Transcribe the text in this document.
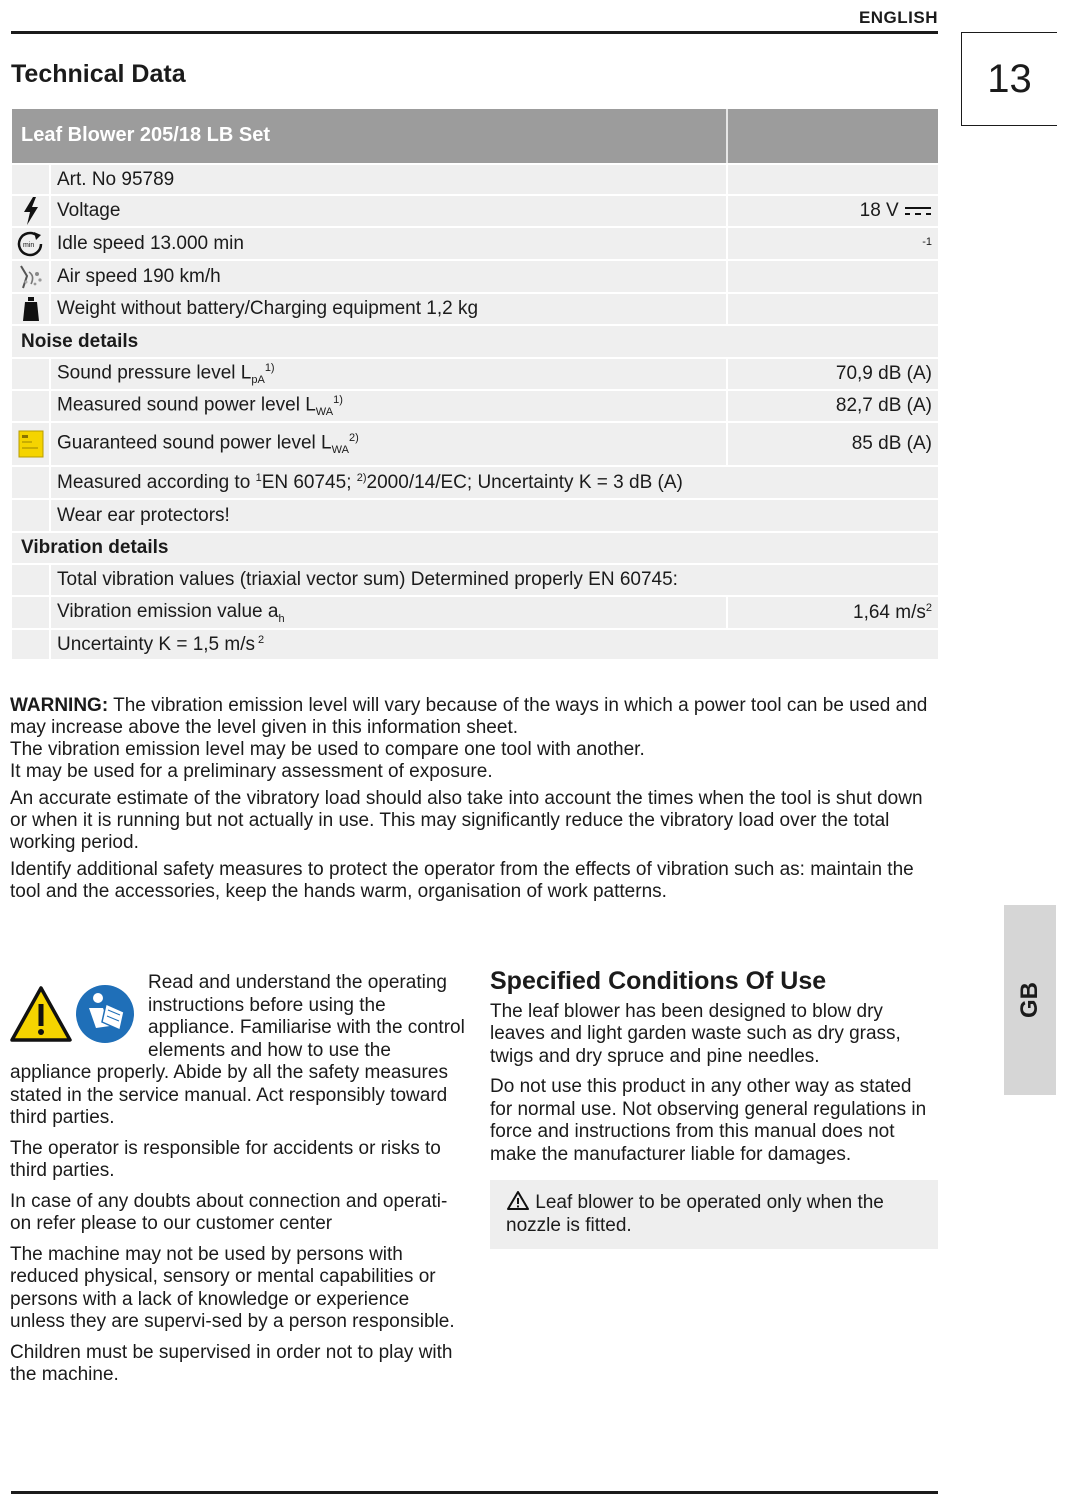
ENGLISH
13
Technical Data
Leaf Blower 205/18 LB Set
Art. No 95789
Voltage	18 V
min Idle speed 13.000 min	-1
Air speed 190 km/h
Weight without battery/Charging equipment 1,2 kg
Noise details
Sound pressure level $L_{pA}^{1)}$	70,9 dB (A)
Measured sound power level $L_{WA}^{1)}$	82,7 dB (A)
Guaranteed sound power level $L_{WA}^{2)}$	85 dB (A)
Measured according to $^1$EN 60745; $^{2)}$2000/14/EC; Uncertainty K = 3 dB (A)
Wear ear protectors!
Vibration details
Total vibration values (triaxial vector sum) Determined properly EN 60745:
Vibration emission value $a_h$	1,64 $m/s^2$
Uncertainty K = 1,5 m/s $^2$

WARNING: The vibration emission level will vary because of the ways in which a power tool can be used and may increase above the level given in this information sheet.
The vibration emission level may be used to compare one tool with another.
It may be used for a preliminary assessment of exposure.

An accurate estimate of the vibratory load should also take into account the times when the tool is shut down or when it is running but not actually in use. This may significantly reduce the vibratory load over the total working period.

Identify additional safety measures to protect the operator from the effects of vibration such as: maintain the tool and the accessories, keep the hands warm, organisation of work patterns.

Read and understand the operating instructions before using the appliance. Familiarise with the control elements and how to use the appliance properly. Abide by all the safety measures stated in the service manual. Act responsibly toward third parties.

The operator is responsible for accidents or risks to third parties.

In case of any doubts about connection and operati-on refer please to our customer center

The machine may not be used by persons with reduced physical, sensory or mental capabilities or persons with a lack of knowledge or experience unless they are supervi-sed by a person responsible.

Children must be supervised in order not to play with the machine.

Specified Conditions Of Use

The leaf blower has been designed to blow dry leaves and light garden waste such as dry grass, twigs and dry spruce and pine needles.

Do not use this product in any other way as stated for normal use. Not observing general regulations in force and instructions from this manual does not make the manufacturer liable for damages.

Leaf blower to be operated only when the nozzle is fitted.
GB
